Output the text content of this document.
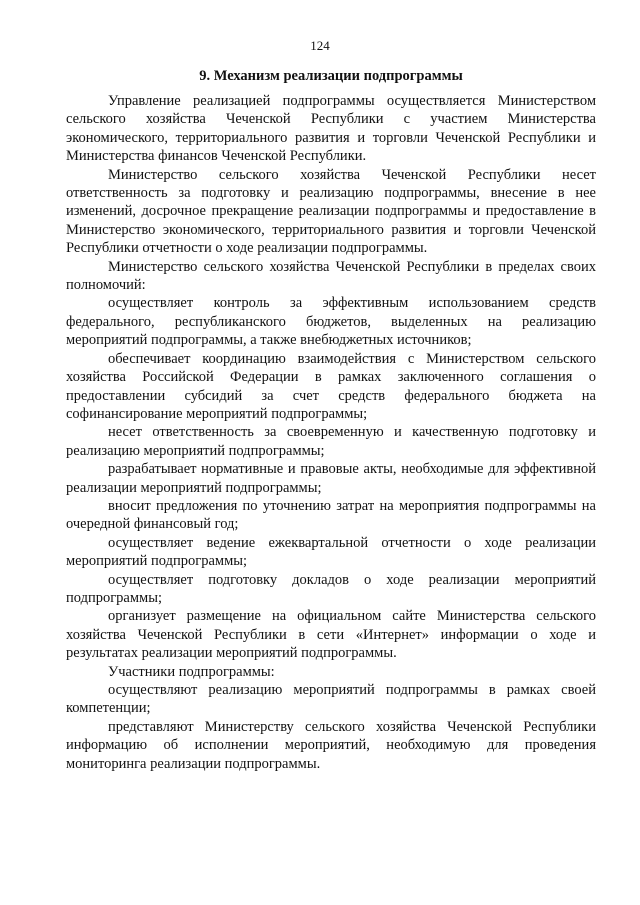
124
9. Механизм реализации подпрограммы

Управление реализацией подпрограммы осуществляется Министерством сельского хозяйства Чеченской Республики с участием Министерства экономического, территориального развития и торговли Чеченской Республики и Министерства финансов Чеченской Республики.

Министерство сельского хозяйства Чеченской Республики несет ответственность за подготовку и реализацию подпрограммы, внесение в нее изменений, досрочное прекращение реализации подпрограммы и предоставление в Министерство экономического, территориального развития и торговли Чеченской Республики отчетности о ходе реализации подпрограммы.

Министерство сельского хозяйства Чеченской Республики в пределах своих полномочий:

осуществляет контроль за эффективным использованием средств федерального, республиканского бюджетов, выделенных на реализацию мероприятий подпрограммы, а также внебюджетных источников;

обеспечивает координацию взаимодействия с Министерством сельского хозяйства Российской Федерации в рамках заключенного соглашения о предоставлении субсидий за счет средств федерального бюджета на софинансирование мероприятий подпрограммы;

несет ответственность за своевременную и качественную подготовку и реализацию мероприятий подпрограммы;

разрабатывает нормативные и правовые акты, необходимые для эффективной реализации мероприятий подпрограммы;

вносит предложения по уточнению затрат на мероприятия подпрограммы на очередной финансовый год;

осуществляет ведение ежеквартальной отчетности о ходе реализации мероприятий подпрограммы;

осуществляет подготовку докладов о ходе реализации мероприятий подпрограммы;

организует размещение на официальном сайте Министерства сельского хозяйства Чеченской Республики в сети «Интернет» информации о ходе и результатах реализации мероприятий подпрограммы.

Участники подпрограммы:

осуществляют реализацию мероприятий подпрограммы в рамках своей компетенции;

представляют Министерству сельского хозяйства Чеченской Республики информацию об исполнении мероприятий, необходимую для проведения мониторинга реализации подпрограммы.
